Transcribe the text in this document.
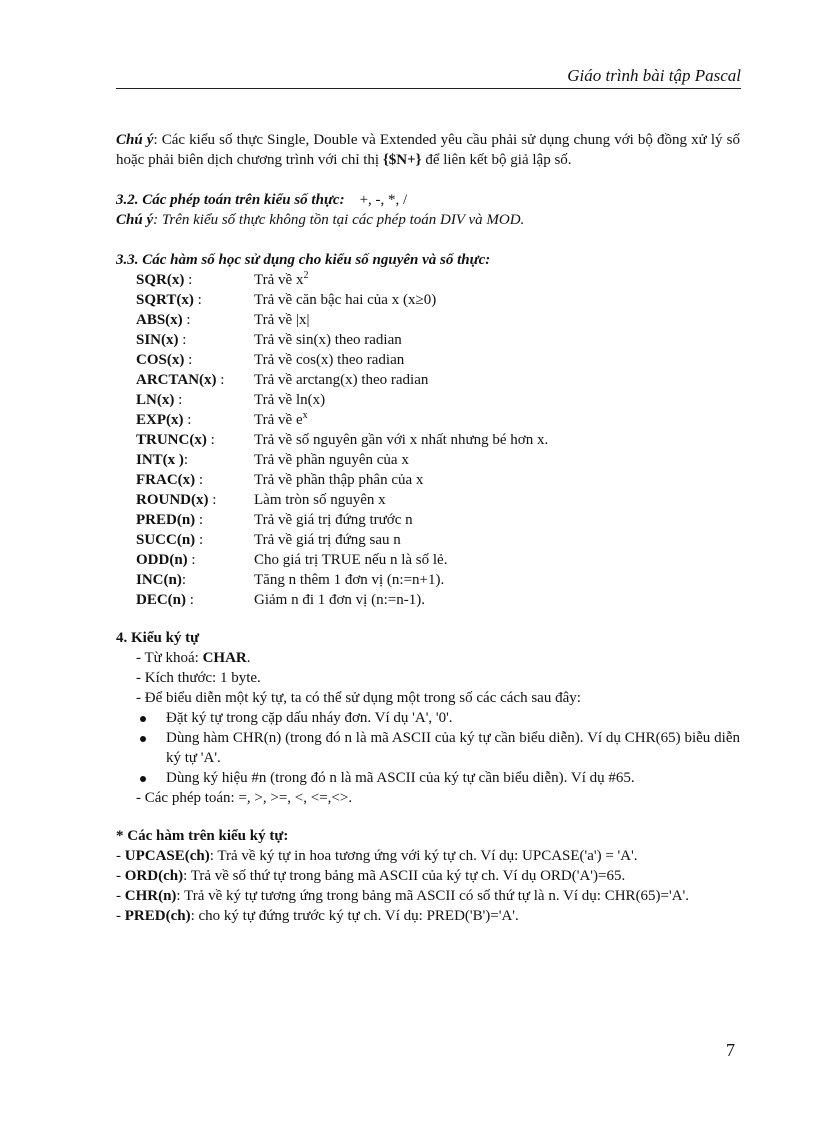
Giáo trình bài tập Pascal

Chú ý: Các kiểu số thực Single, Double và Extended yêu cầu phải sử dụng chung với bộ đồng xử lý số hoặc phải biên dịch chương trình với chỉ thị {$N+} để liên kết bộ giả lập số.

3.2. Các phép toán trên kiểu số thực: +, -, *, /

Chú ý: Trên kiểu số thực không tồn tại các phép toán DIV và MOD.

3.3. Các hàm số học sử dụng cho kiểu số nguyên và số thực:

SQR(x) :	Trả về $x^2$
SQRT(x) :	Trả về căn bậc hai của x (x≥0)
ABS(x) :	Trả về |x|
SIN(x) :	Trả về sin(x) theo radian
COS(x) :	Trả về cos(x) theo radian
ARCTAN(x) :	Trả về arctang(x) theo radian
LN(x) :	Trả về ln(x)
EXP(x) :	Trả về $e^x$
TRUNC(x) :	Trả về số nguyên gần với x nhất nhưng bé hơn x.
INT(x ):	Trả về phần nguyên của x
FRAC(x) :	Trả về phần thập phân của x
ROUND(x) :	Làm tròn số nguyên x
PRED(n) :	Trả về giá trị đứng trước n
SUCC(n) :	Trả về giá trị đứng sau n
ODD(n) :	Cho giá trị TRUE nếu n là số lẻ.
INC(n):	Tăng n thêm 1 đơn vị (n:=n+1).
DEC(n) :	Giảm n đi 1 đơn vị (n:=n-1).

4. Kiểu ký tự

- Từ khoá: CHAR.
- Kích thước: 1 byte.
- Để biểu diễn một ký tự, ta có thể sử dụng một trong số các cách sau đây:
Đặt ký tự trong cặp dấu nháy đơn. Ví dụ 'A', '0'.
Dùng hàm CHR(n) (trong đó n là mã ASCII của ký tự cần biểu diễn). Ví dụ CHR(65) biễu diễn ký tự 'A'.
Dùng ký hiệu #n (trong đó n là mã ASCII của ký tự cần biểu diễn). Ví dụ #65.
- Các phép toán: =, >, >=, <, <=,<>.

* Các hàm trên kiểu ký tự:

- UPCASE(ch): Trả về ký tự in hoa tương ứng với ký tự ch. Ví dụ: UPCASE('a') = 'A'.

- ORD(ch): Trả về số thứ tự trong bảng mã ASCII của ký tự ch. Ví dụ ORD('A')=65.

- CHR(n): Trả về ký tự tương ứng trong bảng mã ASCII có số thứ tự là n. Ví dụ: CHR(65)='A'.

- PRED(ch): cho ký tự đứng trước ký tự ch. Ví dụ: PRED('B')='A'.

7
